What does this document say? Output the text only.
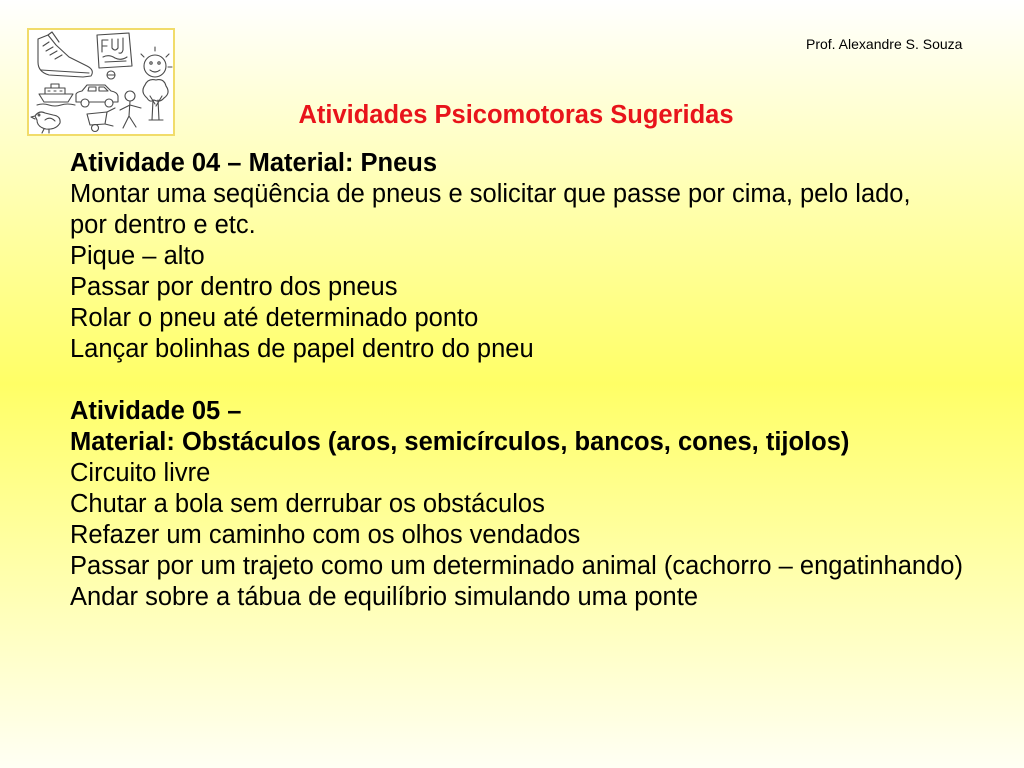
Prof. Alexandre S. Souza
Atividades Psicomotoras Sugeridas

Atividade 04 – Material: Pneus

Montar uma seqüência de pneus e solicitar que passe por cima, pelo lado,

por dentro e etc.

Pique – alto

Passar por dentro dos pneus

Rolar o pneu até determinado ponto

Lançar bolinhas de papel dentro do pneu

Atividade 05 –

Material: Obstáculos (aros, semicírculos, bancos, cones, tijolos)

Circuito livre

Chutar a bola sem derrubar os obstáculos

Refazer um caminho com os olhos vendados

Passar por um trajeto como um determinado animal (cachorro – engatinhando)

Andar sobre a tábua de equilíbrio simulando uma ponte
